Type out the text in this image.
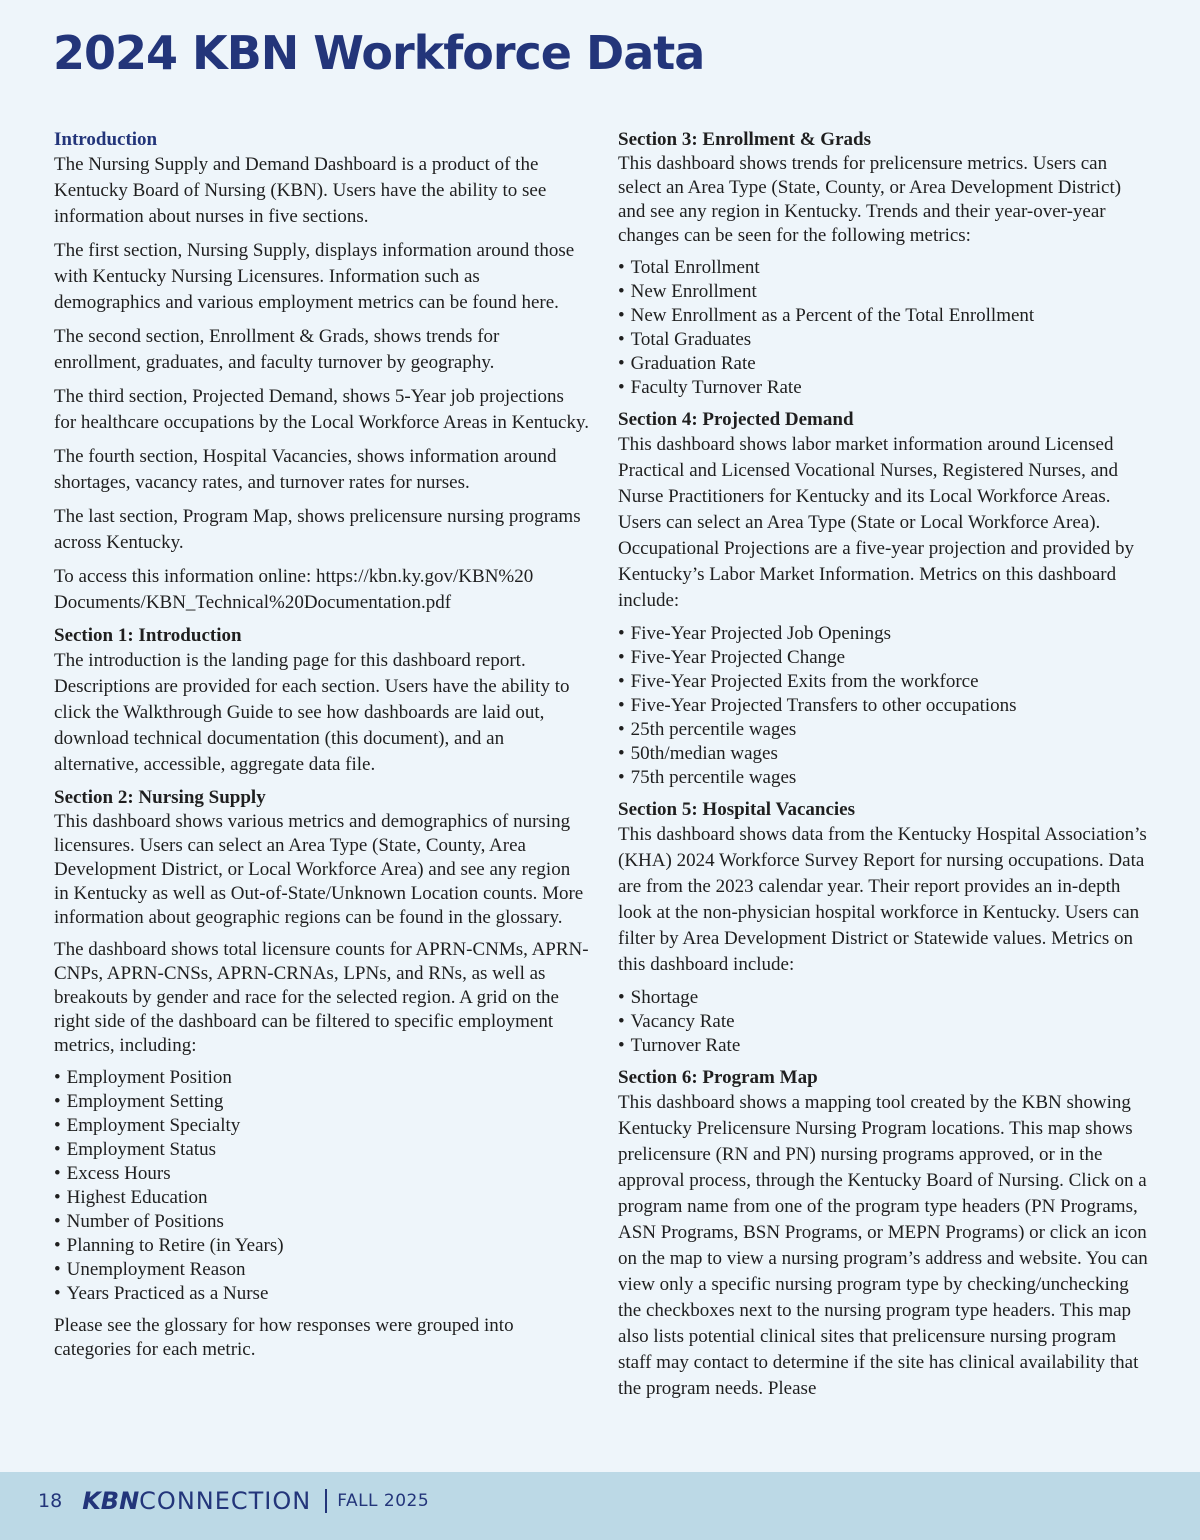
2024 KBN Workforce Data
Introduction

The Nursing Supply and Demand Dashboard is a product of the Kentucky Board of Nursing (KBN). Users have the ability to see information about nurses in five sections.

The first section, Nursing Supply, displays information around those with Kentucky Nursing Licensures. Information such as demographics and various employment metrics can be found here.

The second section, Enrollment & Grads, shows trends for enrollment, graduates, and faculty turnover by geography.

The third section, Projected Demand, shows 5-Year job projections for healthcare occupations by the Local Workforce Areas in Kentucky.

The fourth section, Hospital Vacancies, shows information around shortages, vacancy rates, and turnover rates for nurses.

The last section, Program Map, shows prelicensure nursing programs across Kentucky.

To access this information online: https://kbn.ky.gov/KBN%20 Documents/KBN_Technical%20Documentation.pdf

Section 1: Introduction

The introduction is the landing page for this dashboard report. Descriptions are provided for each section. Users have the ability to click the Walkthrough Guide to see how dashboards are laid out, download technical documentation (this document), and an alternative, accessible, aggregate data file.

Section 2: Nursing Supply

This dashboard shows various metrics and demographics of nursing licensures. Users can select an Area Type (State, County, Area Development District, or Local Workforce Area) and see any region in Kentucky as well as Out-of-State/Unknown Location counts. More information about geographic regions can be found in the glossary.

The dashboard shows total licensure counts for APRN-CNMs, APRN-CNPs, APRN-CNSs, APRN-CRNAs, LPNs, and RNs, as well as breakouts by gender and race for the selected region. A grid on the right side of the dashboard can be filtered to specific employment metrics, including:

• Employment Position
• Employment Setting
• Employment Specialty
• Employment Status
• Excess Hours
• Highest Education
• Number of Positions
• Planning to Retire (in Years)
• Unemployment Reason
• Years Practiced as a Nurse

Please see the glossary for how responses were grouped into categories for each metric.

Section 3: Enrollment & Grads

This dashboard shows trends for prelicensure metrics. Users can select an Area Type (State, County, or Area Development District) and see any region in Kentucky. Trends and their year-over-year changes can be seen for the following metrics:

• Total Enrollment
• New Enrollment
• New Enrollment as a Percent of the Total Enrollment
• Total Graduates
• Graduation Rate
• Faculty Turnover Rate
Section 4: Projected Demand

This dashboard shows labor market information around Licensed Practical and Licensed Vocational Nurses, Registered Nurses, and Nurse Practitioners for Kentucky and its Local Workforce Areas. Users can select an Area Type (State or Local Workforce Area). Occupational Projections are a five-year projection and provided by Kentucky’s Labor Market Information. Metrics on this dashboard include:

• Five-Year Projected Job Openings
• Five-Year Projected Change
• Five-Year Projected Exits from the workforce
• Five-Year Projected Transfers to other occupations
• 25th percentile wages
• 50th/median wages
• 75th percentile wages
Section 5: Hospital Vacancies

This dashboard shows data from the Kentucky Hospital Association’s (KHA) 2024 Workforce Survey Report for nursing occupations. Data are from the 2023 calendar year. Their report provides an in-depth look at the non-physician hospital workforce in Kentucky. Users can filter by Area Development District or Statewide values. Metrics on this dashboard include:

• Shortage
• Vacancy Rate
• Turnover Rate
Section 6: Program Map

This dashboard shows a mapping tool created by the KBN showing Kentucky Prelicensure Nursing Program locations. This map shows prelicensure (RN and PN) nursing programs approved, or in the approval process, through the Kentucky Board of Nursing. Click on a program name from one of the program type headers (PN Programs, ASN Programs, BSN Programs, or MEPN Programs) or click an icon on the map to view a nursing program’s address and website. You can view only a specific nursing program type by checking/unchecking the checkboxes next to the nursing program type headers. This map also lists potential clinical sites that prelicensure nursing program staff may contact to determine if the site has clinical availability that the program needs. Please

18 KBN CONNECTION FALL 2025
